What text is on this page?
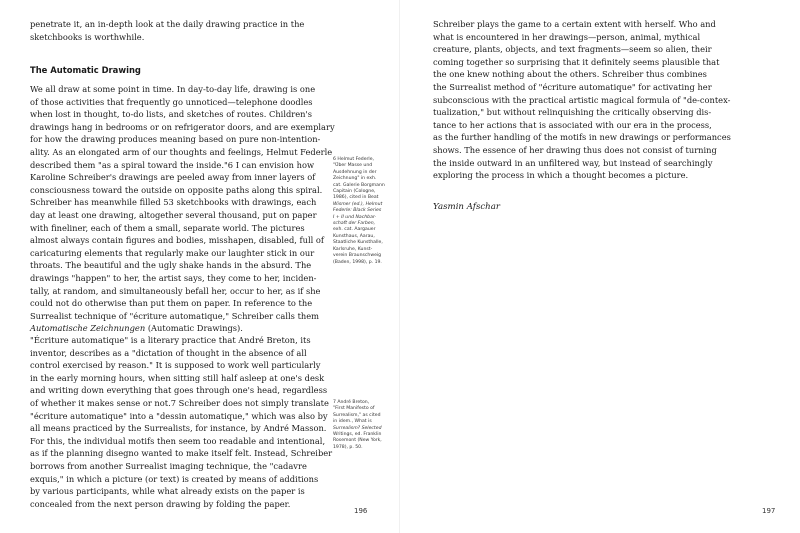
penetrate it, an in-depth look at the daily drawing practice in the
sketchbooks is worthwhile.
The Automatic Drawing
We all draw at some point in time. In day-to-day life, drawing is one
of those activities that frequently go unnoticed—telephone doodles
when lost in thought, to-do lists, and sketches of routes. Children's
drawings hang in bedrooms or on refrigerator doors, and are exemplary
for how the drawing produces meaning based on pure non-intention-
ality. As an elongated arm of our thoughts and feelings, Helmut Federle
described them "as a spiral toward the inside."6 I can envision how
Karoline Schreiber's drawings are peeled away from inner layers of
consciousness toward the outside on opposite paths along this spiral.
Schreiber has meanwhile filled 53 sketchbooks with drawings, each
day at least one drawing, altogether several thousand, put on paper
with fineliner, each of them a small, separate world. The pictures
almost always contain figures and bodies, misshapen, disabled, full of
caricaturing elements that regularly make our laughter stick in our
throats. The beautiful and the ugly shake hands in the absurd. The
drawings "happen" to her, the artist says, they come to her, inciden-
tally, at random, and simultaneously befall her, occur to her, as if she
could not do otherwise than put them on paper. In reference to the
Surrealist technique of "écriture automatique," Schreiber calls them
Automatische Zeichnungen (Automatic Drawings).
"Écriture automatique" is a literary practice that André Breton, its
inventor, describes as a "dictation of thought in the absence of all
control exercised by reason." It is supposed to work well particularly
in the early morning hours, when sitting still half asleep at one's desk
and writing down everything that goes through one's head, regardless
of whether it makes sense or not.7 Schreiber does not simply translate
"écriture automatique" into a "dessin automatique," which was also by
all means practiced by the Surrealists, for instance, by André Masson.
For this, the individual motifs then seem too readable and intentional,
as if the planning disegno wanted to make itself felt. Instead, Schreiber
borrows from another Surrealist imaging technique, the "cadavre
exquis," in which a picture (or text) is created by means of additions
by various participants, while what already exists on the paper is
concealed from the next person drawing by folding the paper.
6 Helmut Federle,
"Über Masse und
Ausdehnung in der
Zeichnung" in exh.
cat. Galerie Borgmann
Capitain (Cologne,
1986), cited in Beat
Wismer (ed.), Helmut
Federle: Black Series
I + II und Nachbar-
schaft der Farben,
exh. cat. Aargauer
Kunsthaus, Aarau,
Staatliche Kunsthalle,
Karlsruhe, Kunst-
verein Braunschweig
(Baden, 1998), p. 19.
7 André Breton,
"First Manifesto of
Surrealism," as cited
in idem., What is
Surrealism? Selected
Writings, ed. Franklin
Rosemont (New York,
1978), p. 50.
196
Schreiber plays the game to a certain extent with herself. Who and
what is encountered in her drawings—person, animal, mythical
creature, plants, objects, and text fragments—seem so alien, their
coming together so surprising that it definitely seems plausible that
the one knew nothing about the others. Schreiber thus combines
the Surrealist method of "écriture automatique" for activating her
subconscious with the practical artistic magical formula of "de-contex-
tualization," but without relinquishing the critically observing dis-
tance to her actions that is associated with our era in the process,
as the further handling of the motifs in new drawings or performances
shows. The essence of her drawing thus does not consist of turning
the inside outward in an unfiltered way, but instead of searchingly
exploring the process in which a thought becomes a picture.

Yasmin Afschar

197
